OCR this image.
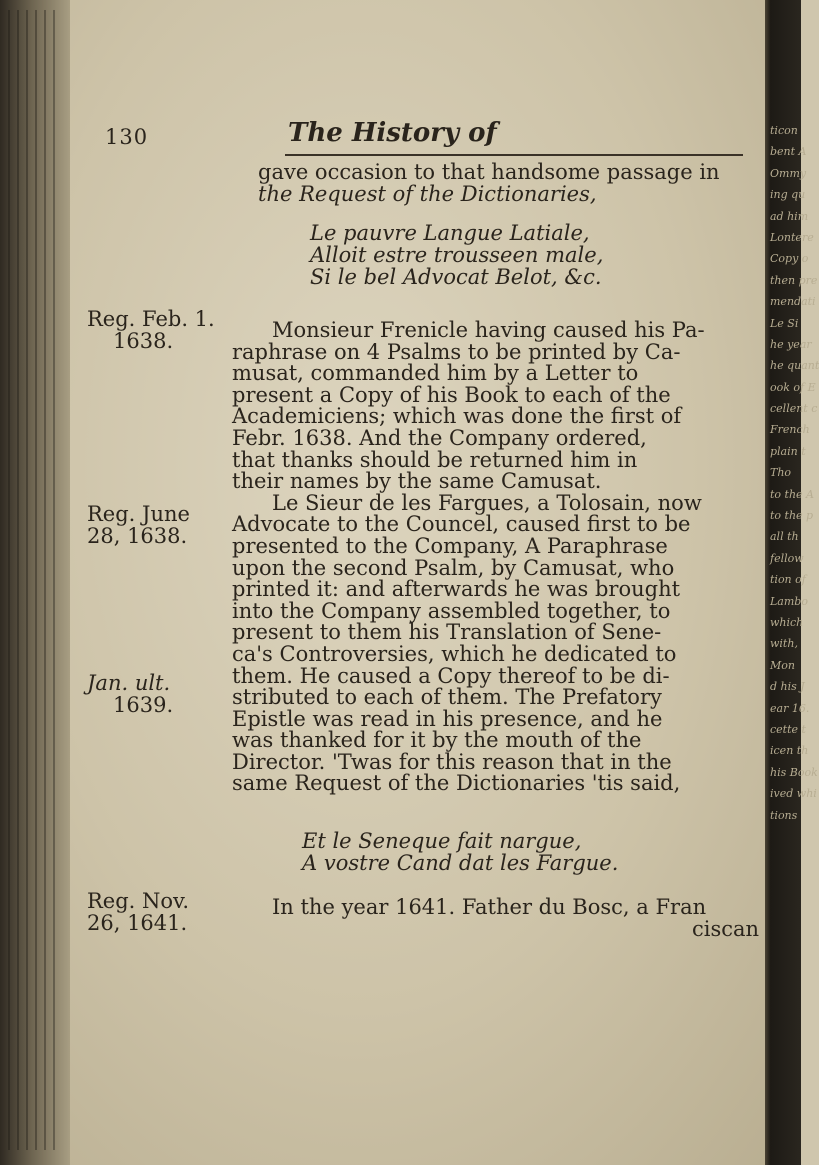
130	The History of
gave occasion to that handsome passage in
the Request of the Dictionaries,
Le pauvre Langue Latiale,
Alloit estre trousseen male,
Si le bel Advocat Belot, &c.
Reg. Feb. 1.
1638.
Reg. June
28, 1638.
Jan. ult.
1639.
Reg. Nov.
26, 1641.
Monsieur Frenicle having caused his Pa-
raphrase on 4 Psalms to be printed by Ca-
musat, commanded him by a Letter to
present a Copy of his Book to each of the
Academiciens; which was done the first of
Febr. 1638. And the Company ordered,
that thanks should be returned him in
their names by the same Camusat.
Le Sieur de les Fargues, a Tolosain, now
Advocate to the Councel, caused first to be
presented to the Company, A Paraphrase
upon the second Psalm, by Camusat, who
printed it: and afterwards he was brought
into the Company assembled together, to
present to them his Translation of Sene-
ca's Controversies, which he dedicated to
them. He caused a Copy thereof to be di-
stributed to each of them. The Prefatory
Epistle was read in his presence, and he
was thanked for it by the mouth of the
Director. 'Twas for this reason that in the
same Request of the Dictionaries 'tis said,
Et le Seneque fait nargue,
A vostre Cand dat les Fargue.
In the year 1641. Father du Bosc, a Fran
ciscan
ticon
bent A
Ommy
ing qu
ad him
Lontere
Copy o
then pre
mendati
Le Si
he year
he quant
ook of E
cellent c
French
plain t
Tho
to the A
to the p
all th
fellow
tion of
Lambo
which
with,
Mon
d his J
ear 16.
cette t
icen th
his Book
ived whi
tions
